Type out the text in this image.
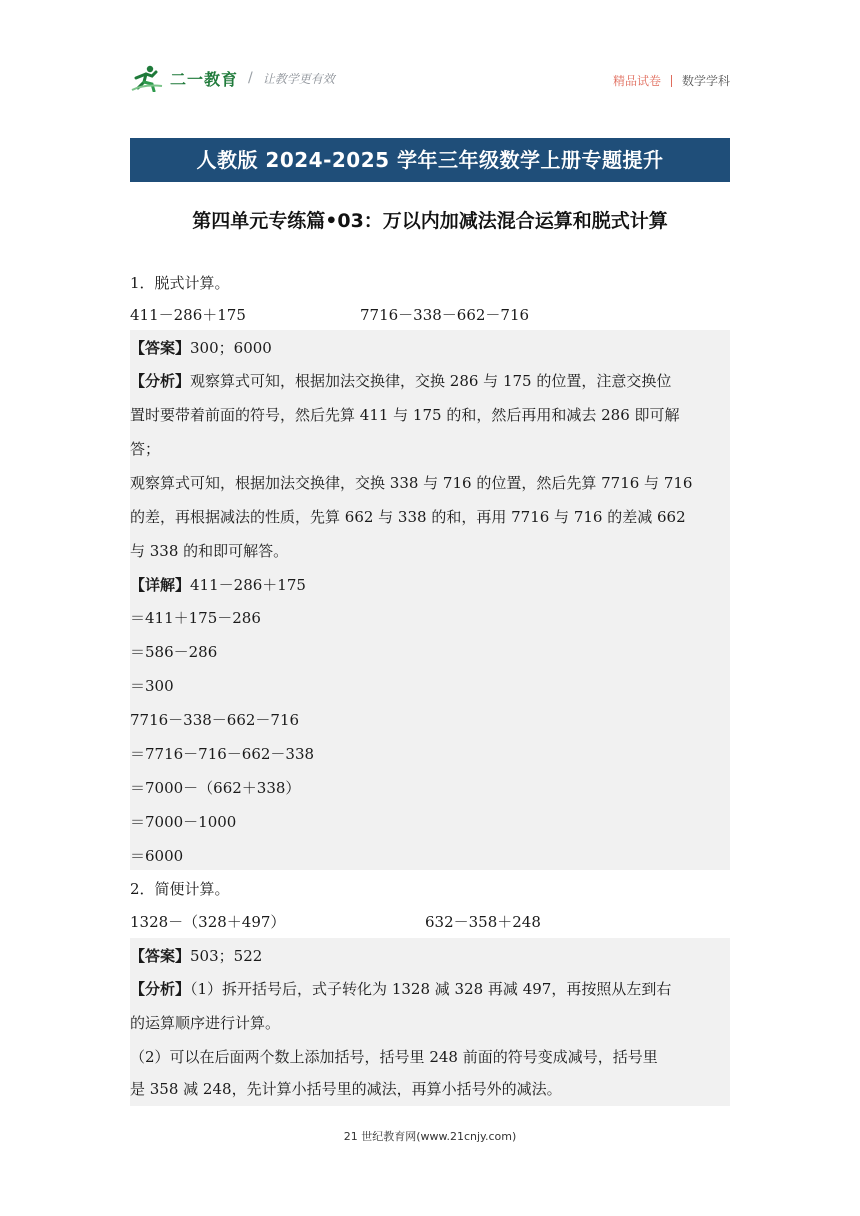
二一教育 / 让教学更有效	精品试卷 数学学科
人教版 2024-2025 学年三年级数学上册专题提升
第四单元专练篇•03：万以内加减法混合运算和脱式计算
1．脱式计算。
411－286＋175	7716－338－662－716
【答案】300；6000
【分析】观察算式可知，根据加法交换律，交换 286 与 175 的位置，注意交换位
置时要带着前面的符号，然后先算 411 与 175 的和，然后再用和减去 286 即可解
答；
观察算式可知，根据加法交换律，交换 338 与 716 的位置，然后先算 7716 与 716
的差，再根据减法的性质，先算 662 与 338 的和，再用 7716 与 716 的差减 662
与 338 的和即可解答。
【详解】411－286＋175
＝411＋175－286
＝586－286
＝300
7716－338－662－716
＝7716－716－662－338
＝7000－（662＋338）
＝7000－1000
＝6000
2．简便计算。
1328－（328＋497）	632－358＋248
【答案】503；522
【分析】（1）拆开括号后，式子转化为 1328 减 328 再减 497，再按照从左到右
的运算顺序进行计算。
（2）可以在后面两个数上添加括号，括号里 248 前面的符号变成减号，括号里
是 358 减 248，先计算小括号里的减法，再算小括号外的减法。
21 世纪教育网(www.21cnjy.com)
